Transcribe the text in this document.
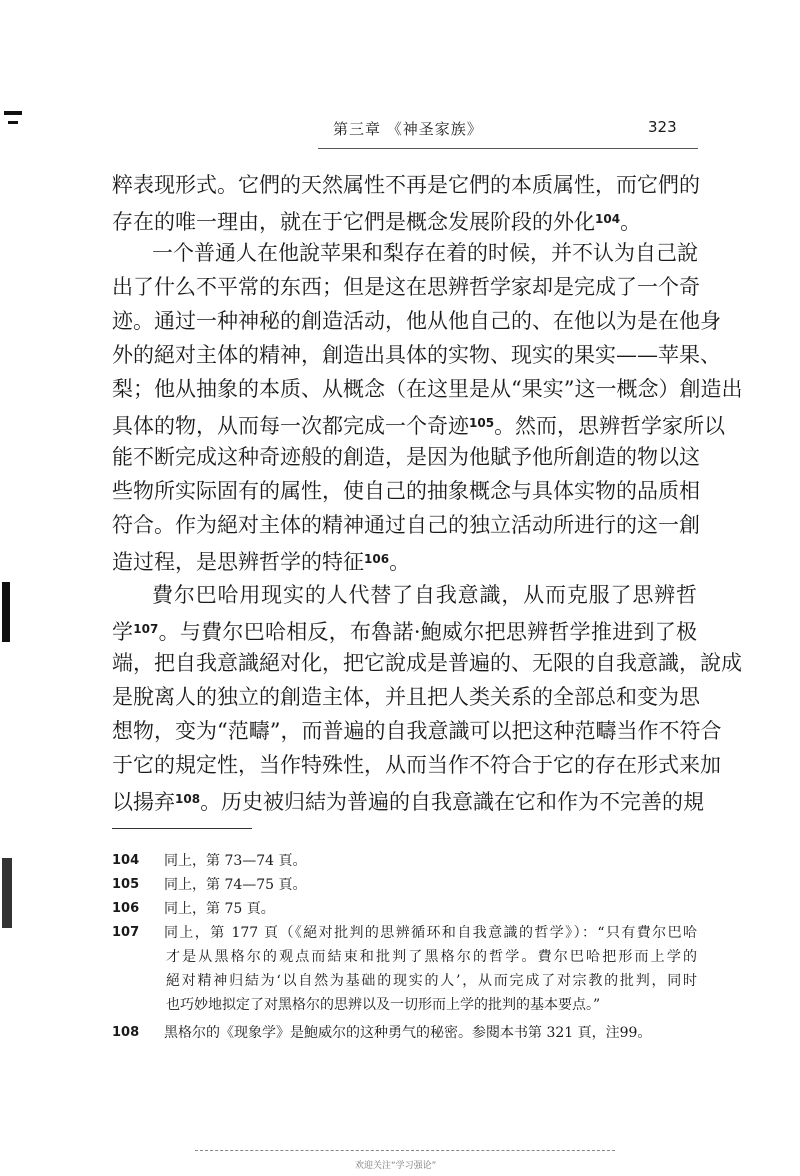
第三章 《神圣家族》	323
粹表现形式。它們的天然属性不再是它們的本质属性，而它們的
存在的唯一理由，就在于它們是概念发展阶段的外化$^{104}$。
一个普通人在他說苹果和梨存在着的时候，并不认为自己說
出了什么不平常的东西；但是这在思辨哲学家却是完成了一个奇
迹。通过一种神秘的創造活动，他从他自己的、在他以为是在他身
外的絕对主体的精神，創造出具体的实物、现实的果实——苹果、
梨；他从抽象的本质、从概念（在这里是从“果实”这一概念）創造出
具体的物，从而每一次都完成一个奇迹$^{105}$。然而，思辨哲学家所以
能不断完成这种奇迹般的創造，是因为他賦予他所創造的物以这
些物所实际固有的属性，使自己的抽象概念与具体实物的品质相
符合。作为絕对主体的精神通过自己的独立活动所进行的这一創
造过程，是思辨哲学的特征$^{106}$。
費尔巴哈用现实的人代替了自我意識，从而克服了思辨哲
学$^{107}$。与費尔巴哈相反，布魯諾·鮑威尔把思辨哲学推进到了极
端，把自我意識絕对化，把它說成是普遍的、无限的自我意識，說成
是脫离人的独立的創造主体，并且把人类关系的全部总和变为思
想物，变为“范疇”，而普遍的自我意識可以把这种范疇当作不符合
于它的規定性，当作特殊性，从而当作不符合于它的存在形式来加
以揚弃$^{108}$。历史被归結为普遍的自我意識在它和作为不完善的規
104 同上，第 73—74 頁。
105 同上，第 74—75 頁。
106 同上，第 75 頁。
107 同上，第 177 頁（《絕对批判的思辨循环和自我意識的哲学》）：“只有費尔巴哈
才是从黑格尔的观点而結束和批判了黑格尔的哲学。費尔巴哈把形而上学的
絕对精神归結为‘以自然为基础的现实的人’，从而完成了对宗教的批判，同时
也巧妙地拟定了对黑格尔的思辨以及一切形而上学的批判的基本要点。”
108 黑格尔的《现象学》是鮑威尔的这种勇气的秘密。参閱本书第 321 頁，注99。
欢迎关注“学习强论”
